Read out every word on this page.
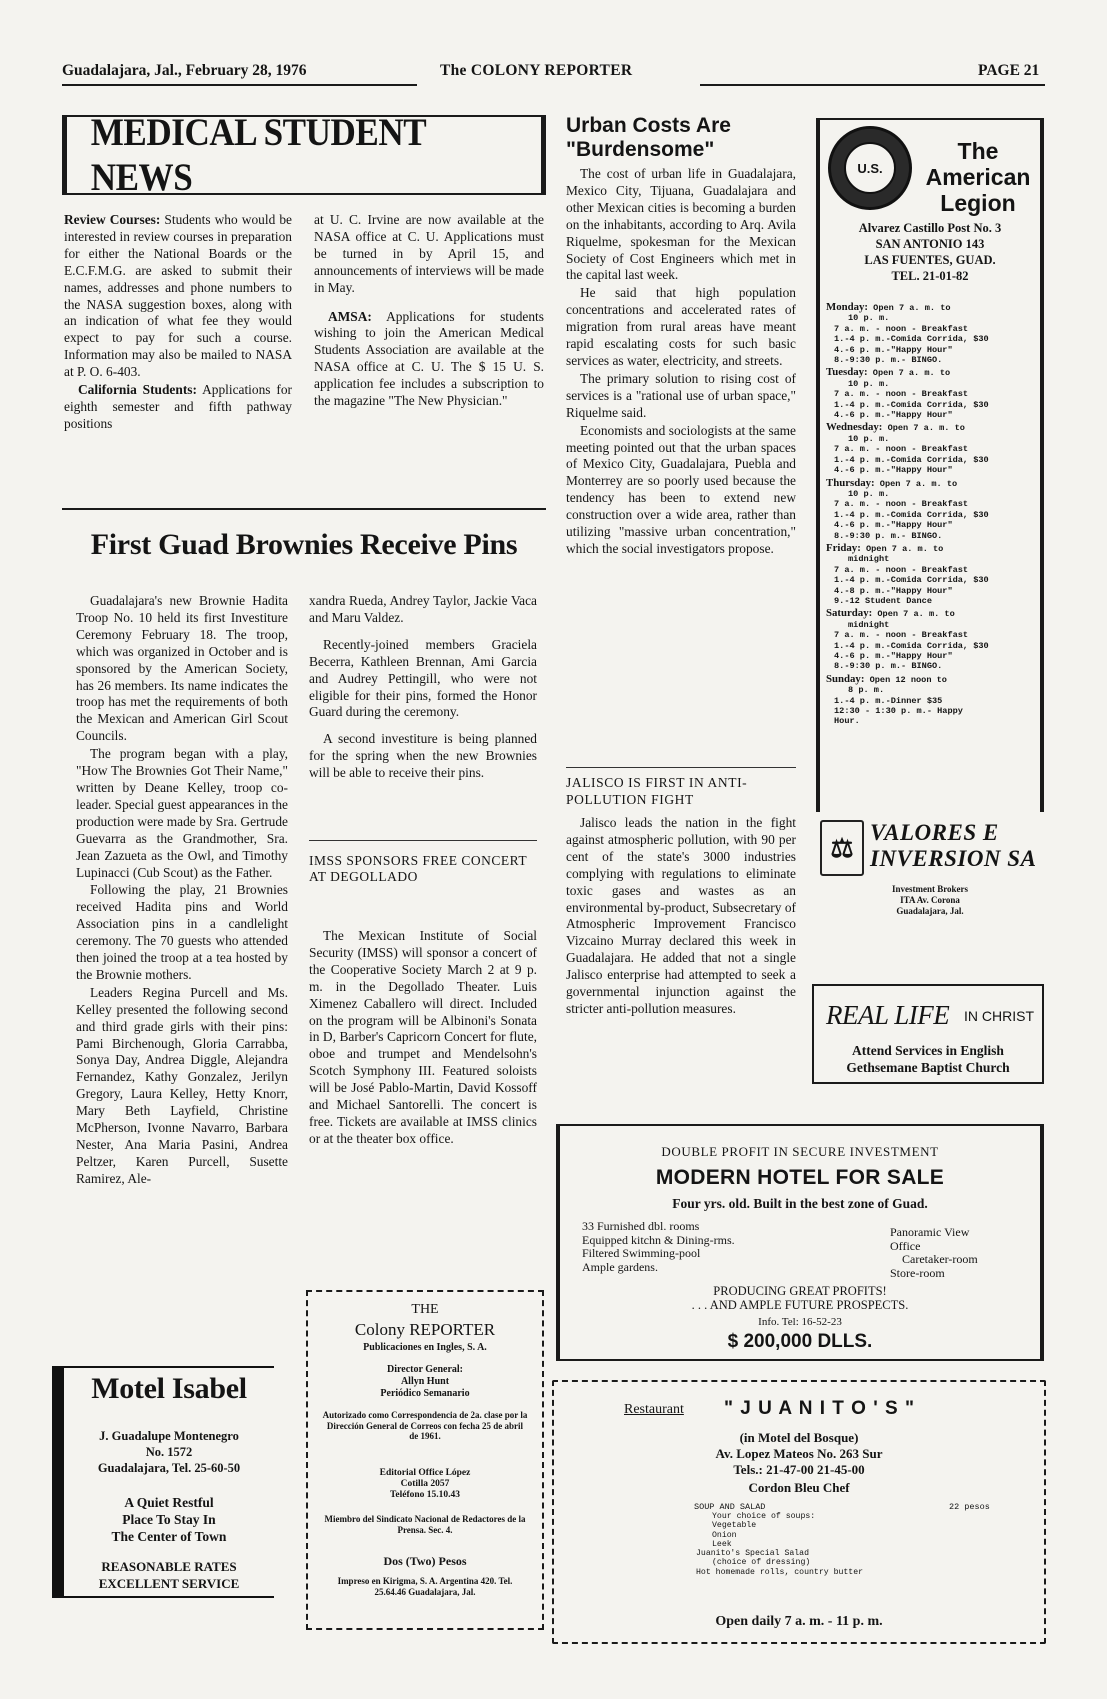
Guadalajara, Jal., February 28, 1976	The COLONY REPORTER	PAGE 21
MEDICAL STUDENT NEWS

Review Courses: Students who would be interested in review courses in preparation for either the National Boards or the E.C.F.M.G. are asked to submit their names, addresses and phone numbers to the NASA suggestion boxes, along with an indication of what fee they would expect to pay for such a course. Information may also be mailed to NASA at P. O. 6-403.

California Students: Applications for eighth semester and fifth pathway positions

at U. C. Irvine are now available at the NASA office at C. U. Applications must be turned in by April 15, and announcements of interviews will be made in May.

AMSA: Applications for students wishing to join the American Medical Students Association are available at the NASA office at C. U. The $ 15 U. S. application fee includes a subscription to the magazine "The New Physician."

First Guad Brownies Receive Pins

Guadalajara's new Brownie Hadita Troop No. 10 held its first Investiture Ceremony February 18. The troop, which was organized in October and is sponsored by the American Society, has 26 members. Its name indicates the troop has met the requirements of both the Mexican and American Girl Scout Councils.

The program began with a play, "How The Brownies Got Their Name," written by Deane Kelley, troop co-leader. Special guest appearances in the production were made by Sra. Gertrude Guevarra as the Grandmother, Sra. Jean Zazueta as the Owl, and Timothy Lupinacci (Cub Scout) as the Father.

Following the play, 21 Brownies received Hadita pins and World Association pins in a candlelight ceremony. The 70 guests who attended then joined the troop at a tea hosted by the Brownie mothers.

Leaders Regina Purcell and Ms. Kelley presented the following second and third grade girls with their pins: Pami Birchenough, Gloria Carrabba, Sonya Day, Andrea Diggle, Alejandra Fernandez, Kathy Gonzalez, Jerilyn Gregory, Laura Kelley, Hetty Knorr, Mary Beth Layfield, Christine McPherson, Ivonne Navarro, Barbara Nester, Ana Maria Pasini, Andrea Peltzer, Karen Purcell, Susette Ramirez, Ale-

xandra Rueda, Andrey Taylor, Jackie Vaca and Maru Valdez.

Recently-joined members Graciela Becerra, Kathleen Brennan, Ami Garcia and Audrey Pettingill, who were not eligible for their pins, formed the Honor Guard during the ceremony.

A second investiture is being planned for the spring when the new Brownies will be able to receive their pins.

IMSS SPONSORS FREE CONCERT AT DEGOLLADO

The Mexican Institute of Social Security (IMSS) will sponsor a concert of the Cooperative Society March 2 at 9 p. m. in the Degollado Theater. Luis Ximenez Caballero will direct. Included on the program will be Albinoni's Sonata in D, Barber's Capricorn Concert for flute, oboe and trumpet and Mendelsohn's Scotch Symphony III. Featured soloists will be José Pablo-Martin, David Kossoff and Michael Santorelli. The concert is free. Tickets are available at IMSS clinics or at the theater box office.

Urban Costs Are "Burdensome"

The cost of urban life in Guadalajara, Mexico City, Tijuana, Guadalajara and other Mexican cities is becoming a burden on the inhabitants, according to Arq. Avila Riquelme, spokesman for the Mexican Society of Cost Engineers which met in the capital last week.

He said that high population concentrations and accelerated rates of migration from rural areas have meant rapid escalating costs for such basic services as water, electricity, and streets.

The primary solution to rising cost of services is a "rational use of urban space," Riquelme said.

Economists and sociologists at the same meeting pointed out that the urban spaces of Mexico City, Guadalajara, Puebla and Monterrey are so poorly used because the tendency has been to extend new construction over a wide area, rather than utilizing "massive urban concentration," which the social investigators propose.

JALISCO IS FIRST IN ANTI-POLLUTION FIGHT

Jalisco leads the nation in the fight against atmospheric pollution, with 90 per cent of the state's 3000 industries complying with regulations to eliminate toxic gases and wastes as an environmental by-product, Subsecretary of Atmospheric Improvement Francisco Vizcaino Murray declared this week in Guadalajara. He added that not a single Jalisco enterprise had attempted to seek a governmental injunction against the stricter anti-pollution measures.

U.S.
The
American
Legion
Alvarez Castillo Post No. 3
SAN ANTONIO 143
LAS FUENTES, GUAD.
TEL. 21-01-82
Monday: Open 7 a. m. to
10 p. m.
7 a. m. - noon - Breakfast
1.-4 p. m.-Comida Corrida, $30
4.-6 p. m.-"Happy Hour"
8.-9:30 p. m.- BINGO.
Tuesday: Open 7 a. m. to
10 p. m.
7 a. m. - noon - Breakfast
1.-4 p. m.-Comida Corrida, $30
4.-6 p. m.-"Happy Hour"
Wednesday: Open 7 a. m. to
10 p. m.
7 a. m. - noon - Breakfast
1.-4 p. m.-Comida Corrida, $30
4.-6 p. m.-"Happy Hour"
Thursday: Open 7 a. m. to
10 p. m.
7 a. m. - noon - Breakfast
1.-4 p. m.-Comida Corrida, $30
4.-6 p. m.-"Happy Hour"
8.-9:30 p. m.- BINGO.
Friday: Open 7 a. m. to
midnight
7 a. m. - noon - Breakfast
1.-4 p. m.-Comida Corrida, $30
4.-8 p. m.-"Happy Hour"
9.-12 Student Dance
Saturday: Open 7 a. m. to
midnight
7 a. m. - noon - Breakfast
1.-4 p. m.-Comida Corrida, $30
4.-6 p. m.-"Happy Hour"
8.-9:30 p. m.- BINGO.
Sunday: Open 12 noon to
8 p. m.
1.-4 p. m.-Dinner $35
12:30 - 1:30 p. m.- Happy
Hour.
⚖
VALORES E INVERSION SA
Investment Brokers
ITA Av. Corona
Guadalajara, Jal.
REAL LIFE IN CHRIST
Attend Services in English
Gethsemane Baptist Church
DOUBLE PROFIT IN SECURE INVESTMENT
MODERN HOTEL FOR SALE
Four yrs. old. Built in the best zone of Guad.
33 Furnished dbl. rooms
Equipped kitchn & Dining-rms.
Filtered Swimming-pool
Ample gardens.
Panoramic View
Office
Caretaker-room
Store-room
PRODUCING GREAT PROFITS!
. . . AND AMPLE FUTURE PROSPECTS.
Info. Tel: 16-52-23
$ 200,000 DLLS.
Restaurant " J U A N I T O ' S "
(in Motel del Bosque)
Av. Lopez Mateos No. 263 Sur
Tels.: 21-47-00 21-45-00
Cordon Bleu Chef
SOUP AND SALAD	22 pesos
Your choice of soups:
Vegetable
Onion
Leek
Juanito's Special Salad
(choice of dressing)
Hot homemade rolls, country butter
Open daily 7 a. m. - 11 p. m.
THE
Colony REPORTER
Publicaciones en Ingles, S. A.
Director General:
Allyn Hunt
Periódico Semanario
Autorizado como Correspondencia de 2a. clase por la Dirección General de Correos con fecha 25 de abril de 1961.
Editorial Office López
Cotilla 2057
Teléfono 15.10.43
Miembro del Sindicato Nacional de Redactores de la Prensa. Sec. 4.
Dos (Two) Pesos
Impreso en Kirigma, S. A. Argentina 420. Tel. 25.64.46 Guadalajara, Jal.
Motel Isabel
J. Guadalupe Montenegro
No. 1572
Guadalajara, Tel. 25-60-50
A Quiet Restful
Place To Stay In
The Center of Town
REASONABLE RATES
EXCELLENT SERVICE
